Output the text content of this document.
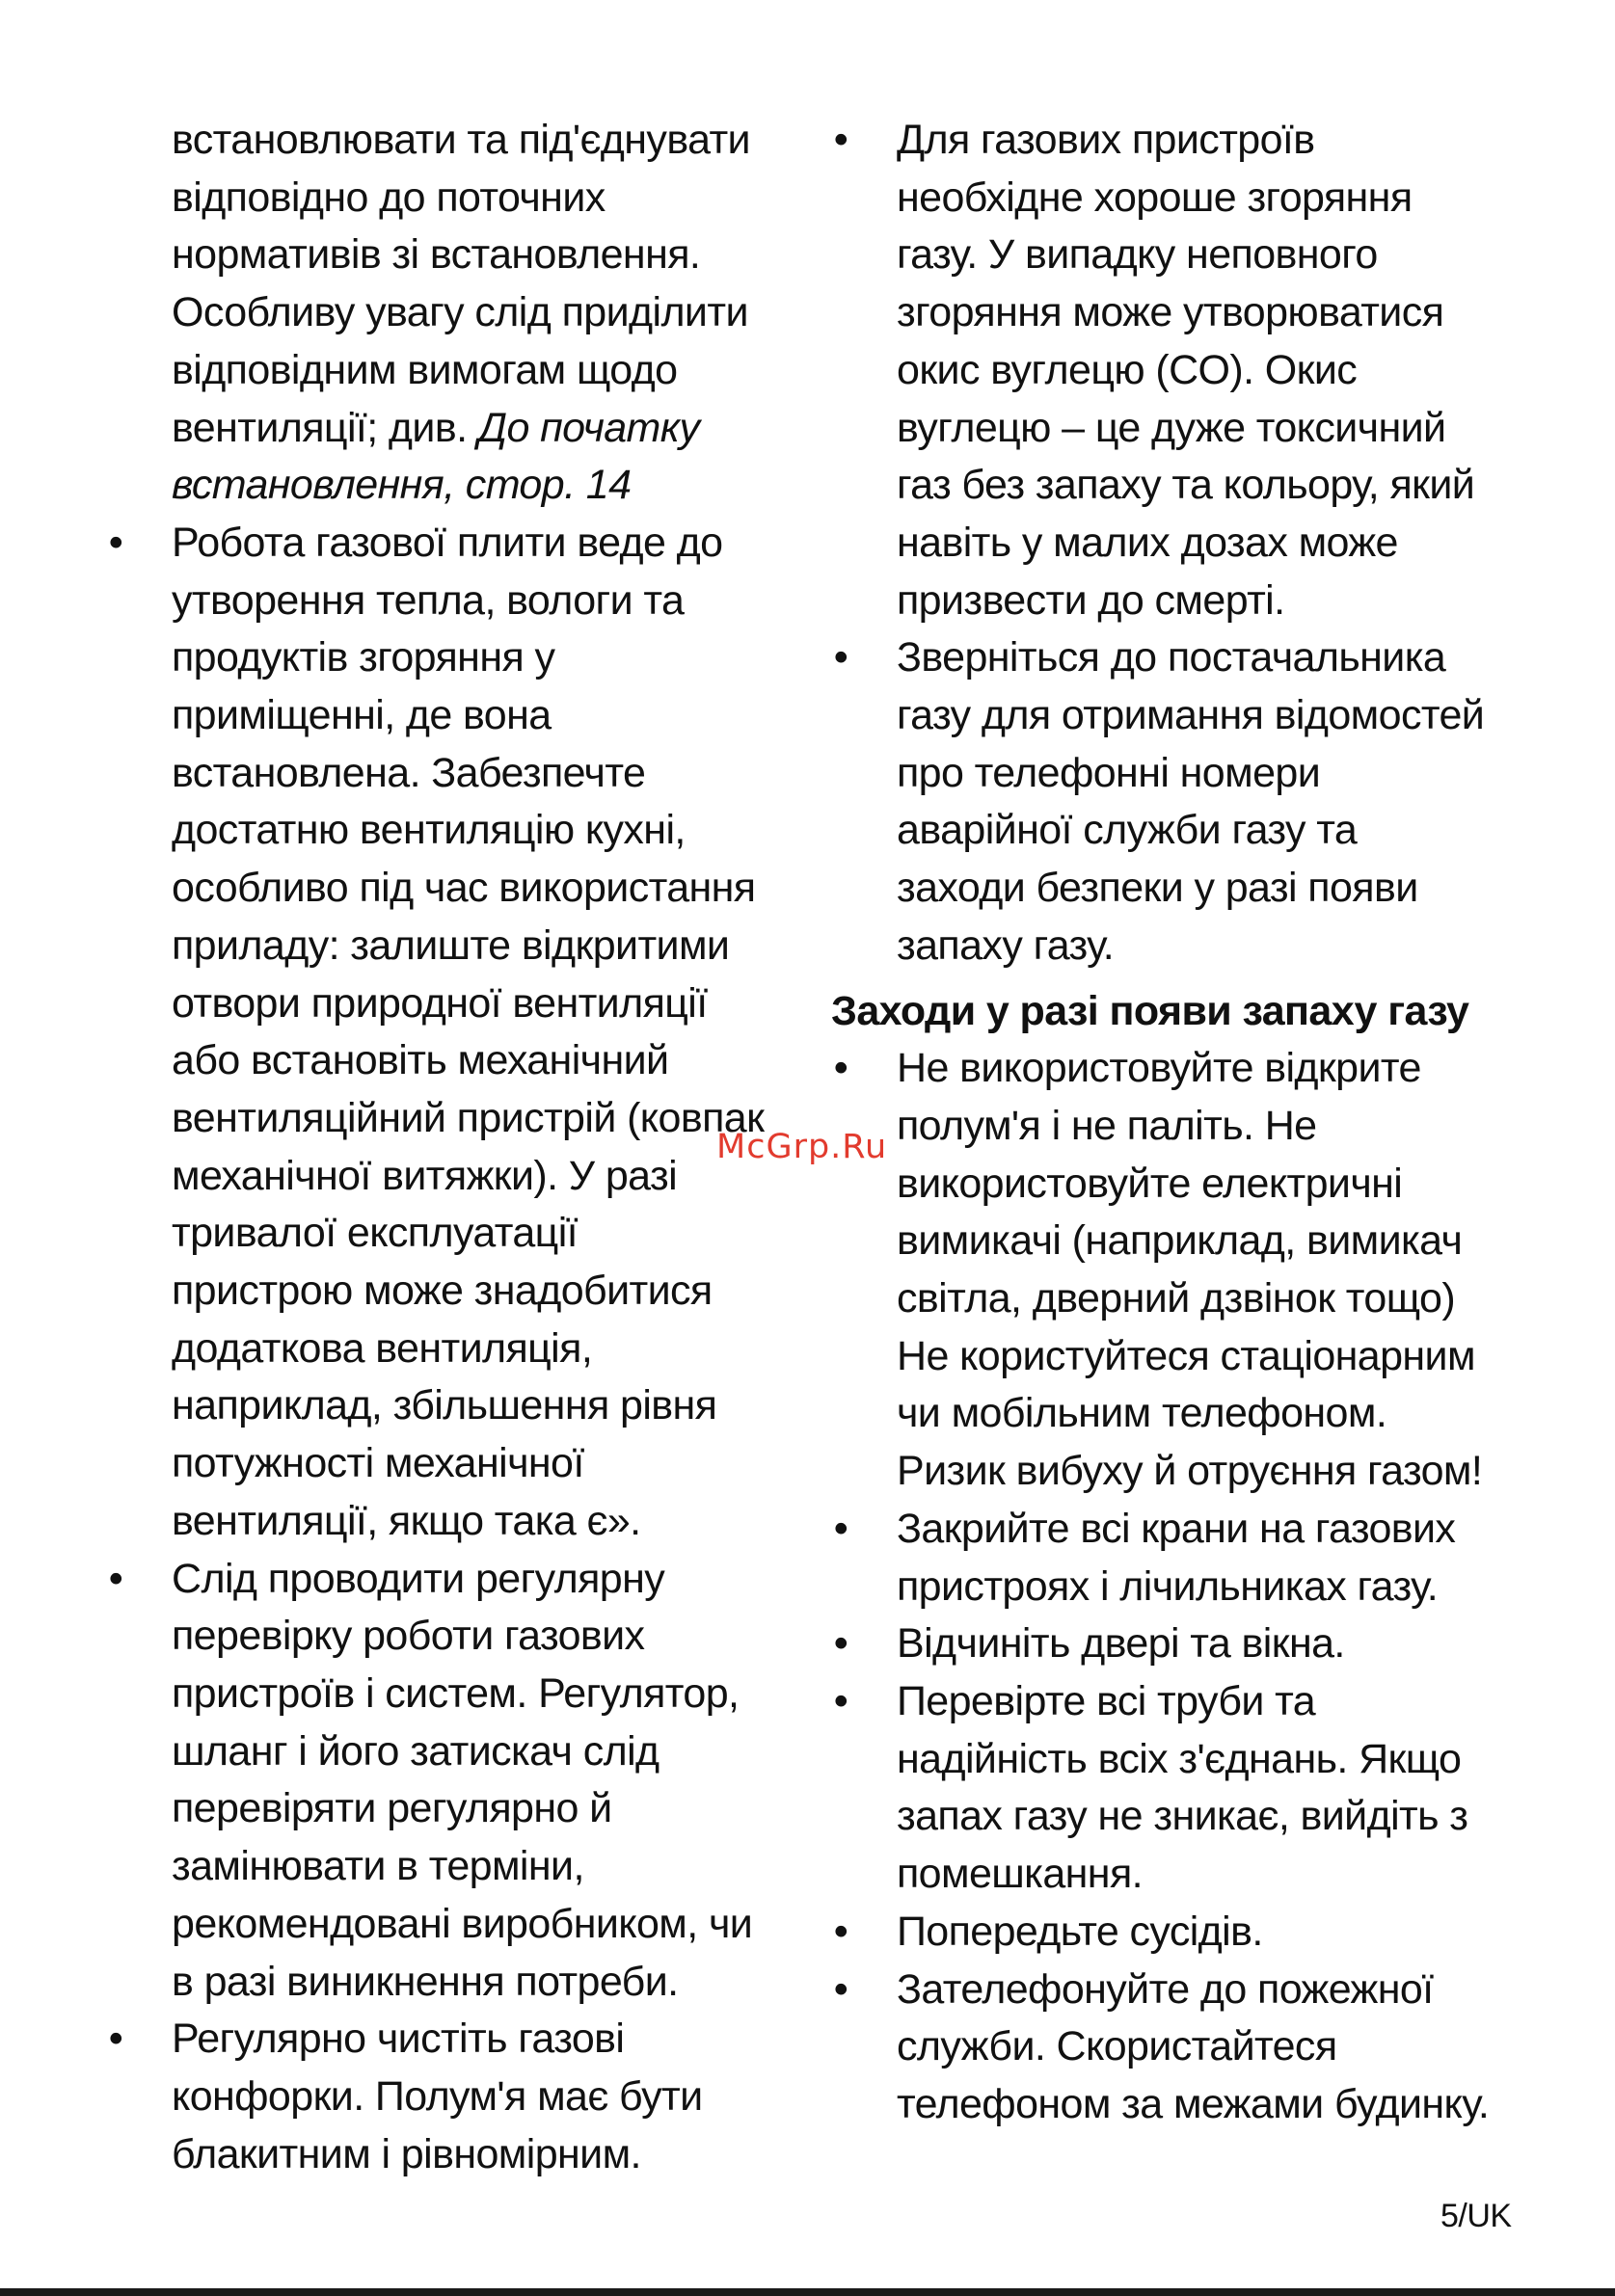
встановлювати та під'єднувати
відповідно до поточних
нормативів зі встановлення.
Особливу увагу слід приділити
відповідним вимогам щодо
вентиляції; див. До початку
встановлення, стор. 14
• Робота газової плити веде до
утворення тепла, вологи та
продуктів згоряння у
приміщенні, де вона
встановлена. Забезпечте
достатню вентиляцію кухні,
особливо під час використання
приладу: залиште відкритими
отвори природної вентиляції
або встановіть механічний
вентиляційний пристрій (ковпак
механічної витяжки). У разі
тривалої експлуатації
пристрою може знадобитися
додаткова вентиляція,
наприклад, збільшення рівня
потужності механічної
вентиляції, якщо така є».
• Слід проводити регулярну
перевірку роботи газових
пристроїв і систем. Регулятор,
шланг і його затискач слід
перевіряти регулярно й
замінювати в терміни,
рекомендовані виробником, чи
в разі виникнення потреби.
• Регулярно чистіть газові
конфорки. Полум'я має бути
блакитним і рівномірним.
• Для газових пристроїв
необхідне хороше згоряння
газу. У випадку неповного
згоряння може утворюватися
окис вуглецю (CO). Окис
вуглецю – це дуже токсичний
газ без запаху та кольору, який
навіть у малих дозах може
призвести до смерті.
• Зверніться до постачальника
газу для отримання відомостей
про телефонні номери
аварійної служби газу та
заходи безпеки у разі появи
запаху газу.
Заходи у разі появи запаху газу
• Не використовуйте відкрите
полум'я і не паліть. Не
використовуйте електричні
вимикачі (наприклад, вимикач
світла, дверний дзвінок тощо)
Не користуйтеся стаціонарним
чи мобільним телефоном.
Ризик вибуху й отруєння газом!
• Закрийте всі крани на газових
пристроях і лічильниках газу.
• Відчиніть двері та вікна.
• Перевірте всі труби та
надійність всіх з'єднань. Якщо
запах газу не зникає, вийдіть з
помешкання.
• Попередьте сусідів.
• Зателефонуйте до пожежної
служби. Скористайтеся
телефоном за межами будинку.
McGrp.Ru
5/UK
